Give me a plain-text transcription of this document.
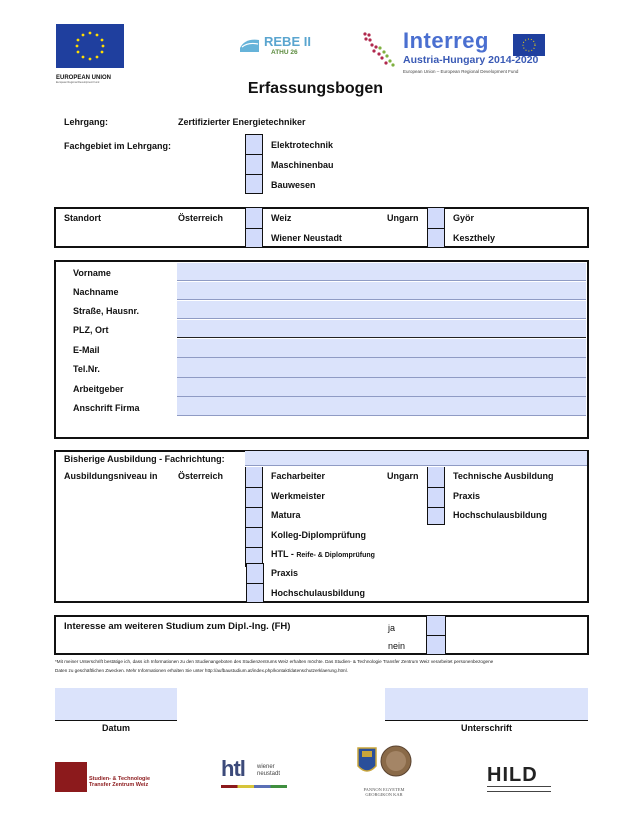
EUROPEAN UNION
European Regional Development Fund
REBE II
ATHU 26	Interreg
Austria-Hungary 2014-2020
European Union – European Regional Development Fund
Erfassungsbogen
Lehrgang:	Zertifizierter Energietechniker
Fachgebiet im Lehrgang:	Elektrotechnik
Maschinenbau
Bauwesen
Standort	Österreich	Weiz
Wiener Neustadt
Ungarn	Györ
Keszthely
Vorname
Nachname
Straße, Hausnr.
PLZ, Ort
E-Mail
Tel.Nr.
Arbeitgeber
Anschrift Firma
Bisherige Ausbildung - Fachrichtung:
Ausbildungsniveau in Österreich	Facharbeiter
Werkmeister
Matura
Kolleg-Diplomprüfung
HTL - Reife- & Diplomprüfung
Praxis
Hochschulausbildung
Ungarn	Technische Ausbildung
Praxis
Hochschulausbildung
Interesse am weiteren Studium zum Dipl.-Ing. (FH)	ja
nein
*Mit meiner Unterschrift bestätige ich, dass ich Informationen zu den Studienangeboten des Studienzentrums Weiz erhalten möchte. Das Studien- & Technologie Transfer Zentrum Weiz verarbeitet personenbezogene
Daten zu geschäftlichen Zwecken. Mehr Informationen erhalten Sie unter http://aufbaustudium.at/index.php/kontakt/datenschutzerklaerung.html.
Datum	Unterschrift
Studien- & Technologie Transfer Zentrum Weiz
htl wiener
neustadt
PANNON EGYETEM
GEORGIKON KAR
HILD
